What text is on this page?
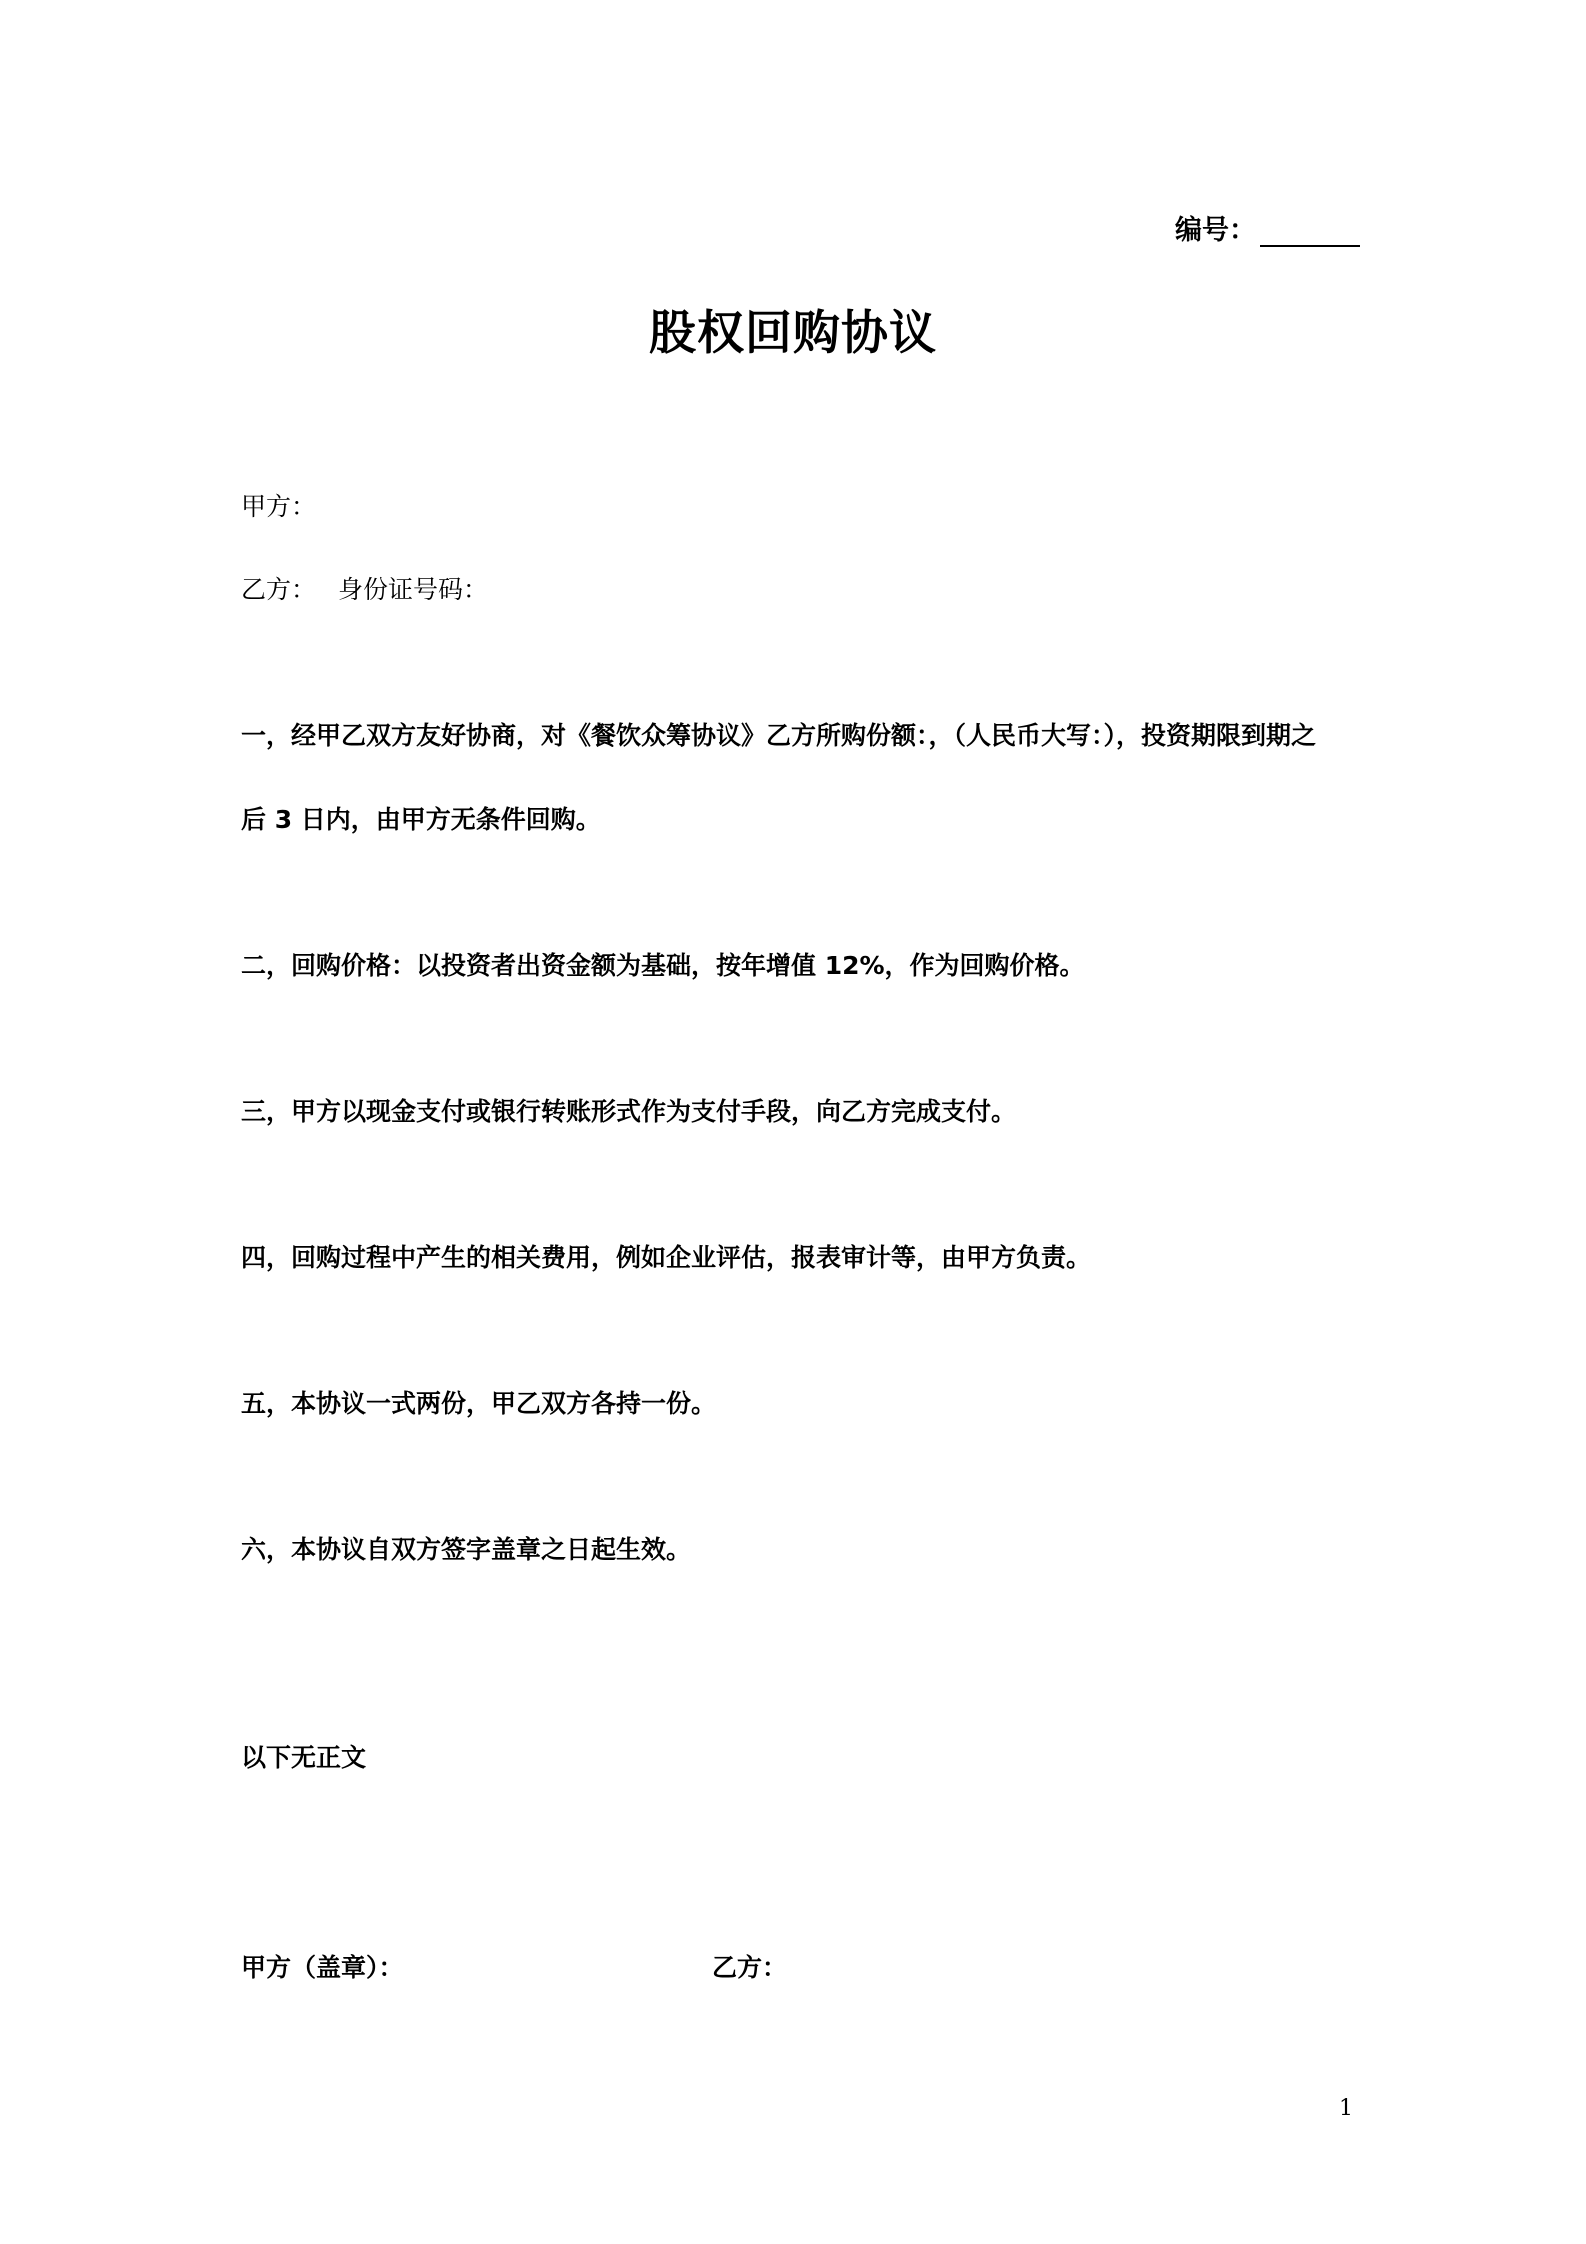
编号：
股权回购协议
甲方：
乙方： 身份证号码：
一，经甲乙双方友好协商，对《餐饮众筹协议》乙方所购份额：，（人民币大写：），投资期限到期之
后 3 日内，由甲方无条件回购。
二，回购价格：以投资者出资金额为基础，按年增值 12%，作为回购价格。
三，甲方以现金支付或银行转账形式作为支付手段，向乙方完成支付。
四，回购过程中产生的相关费用，例如企业评估，报表审计等，由甲方负责。
五，本协议一式两份，甲乙双方各持一份。
六，本协议自双方签字盖章之日起生效。
以下无正文
甲方（盖章）：	乙方：
1
